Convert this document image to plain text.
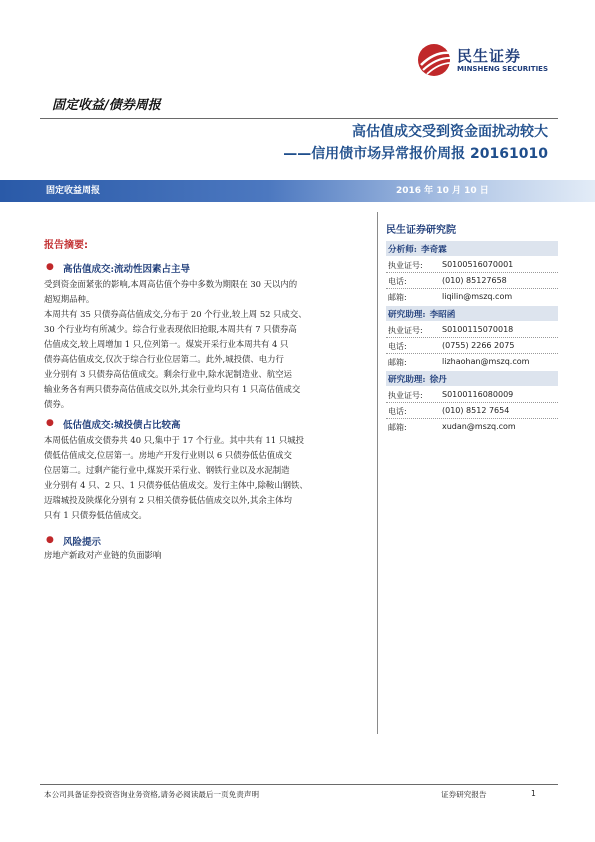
民生证券
MINSHENG SECURITIES
固定收益/债券周报
高估值成交受到资金面扰动较大
——信用债市场异常报价周报 20161010
固定收益周报	2016 年 10 月 10 日
报告摘要:
● 高估值成交:流动性因素占主导
受到资金面紧张的影响,本周高估值个券中多数为期限在 30 天以内的
超短期品种。
本周共有 35 只债券高估值成交,分布于 20 个行业,较上周 52 只成交、
30 个行业均有所减少。综合行业表现依旧抢眼,本周共有 7 只债券高
估值成交,较上周增加 1 只,位列第一。煤炭开采行业本周共有 4 只
债券高估值成交,仅次于综合行业位居第二。此外,城投债、电力行
业分别有 3 只债券高估值成交。剩余行业中,除水泥制造业、航空运
输业务各有两只债券高估值成交以外,其余行业均只有 1 只高估值成交
债券。
● 低估值成交:城投债占比较高
本周低估值成交债券共 40 只,集中于 17 个行业。其中共有 11 只城投
债低估值成交,位居第一。房地产开发行业则以 6 只债券低估值成交
位居第二。过剩产能行业中,煤炭开采行业、钢铁行业以及水泥制造
业分别有 4 只、2 只、1 只债券低估值成交。发行主体中,除鞍山钢铁、
迈瑞城投及陕煤化分别有 2 只相关债券低估值成交以外,其余主体均
只有 1 只债券低估值成交。
● 风险提示
房地产新政对产业链的负面影响
民生证券研究院
分析师: 李奇霖
执业证号: S0100516070001
电话:	(010) 85127658
邮箱:	liqilin@mszq.com
研究助理: 李昭函
执业证号: S0100115070018
电话:	(0755) 2266 2075
邮箱:	lizhaohan@mszq.com
研究助理: 徐丹
执业证号: S0100116080009
电话:	(010) 8512 7654
邮箱:	xudan@mszq.com
本公司具备证券投资咨询业务资格,请务必阅读最后一页免责声明	证券研究报告	1
